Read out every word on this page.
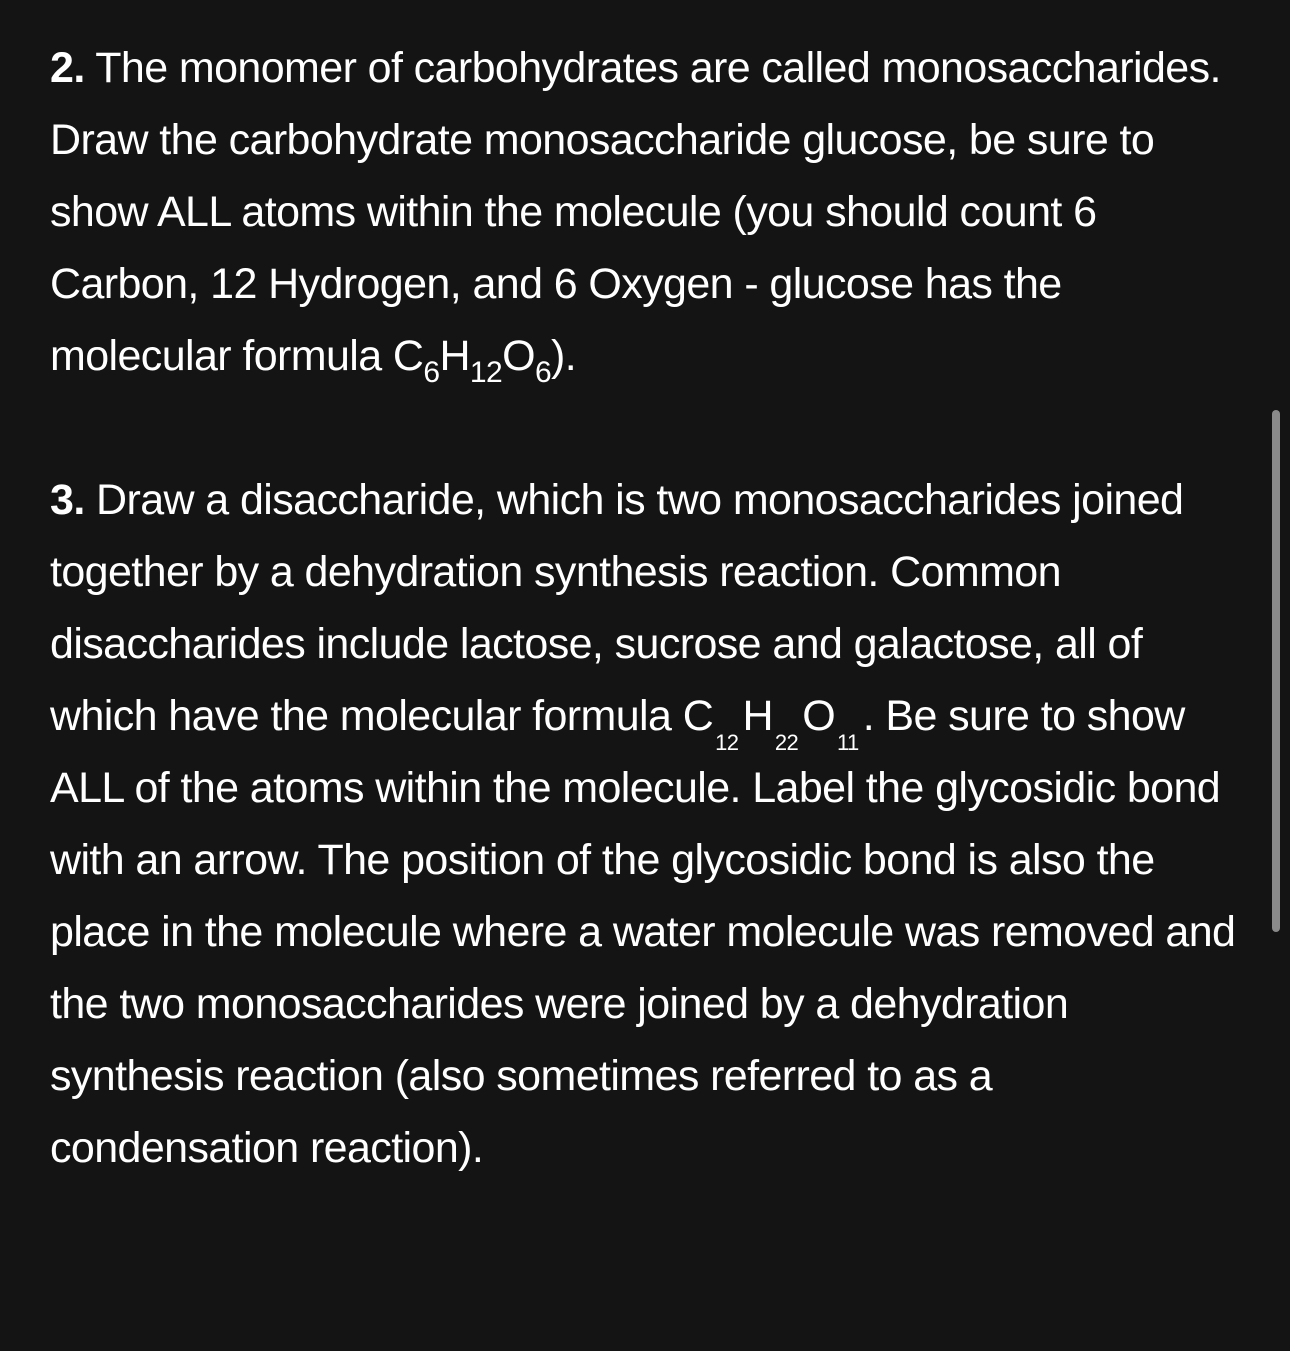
2. The monomer of carbohydrates are called monosaccharides. Draw the carbohydrate monosaccharide glucose, be sure to show ALL atoms within the molecule (you should count 6 Carbon, 12 Hydrogen, and 6 Oxygen - glucose has the molecular formula $C_6H_{12}O_6$).

3. Draw a disaccharide, which is two monosaccharides joined together by a dehydration synthesis reaction. Common disaccharides include lactose, sucrose and galactose, all of which have the molecular formula $C_{12}H_{22}O_{11}$. Be sure to show ALL of the atoms within the molecule. Label the glycosidic bond with an arrow. The position of the glycosidic bond is also the place in the molecule where a water molecule was removed and the two monosaccharides were joined by a dehydration synthesis reaction (also sometimes referred to as a condensation reaction).
